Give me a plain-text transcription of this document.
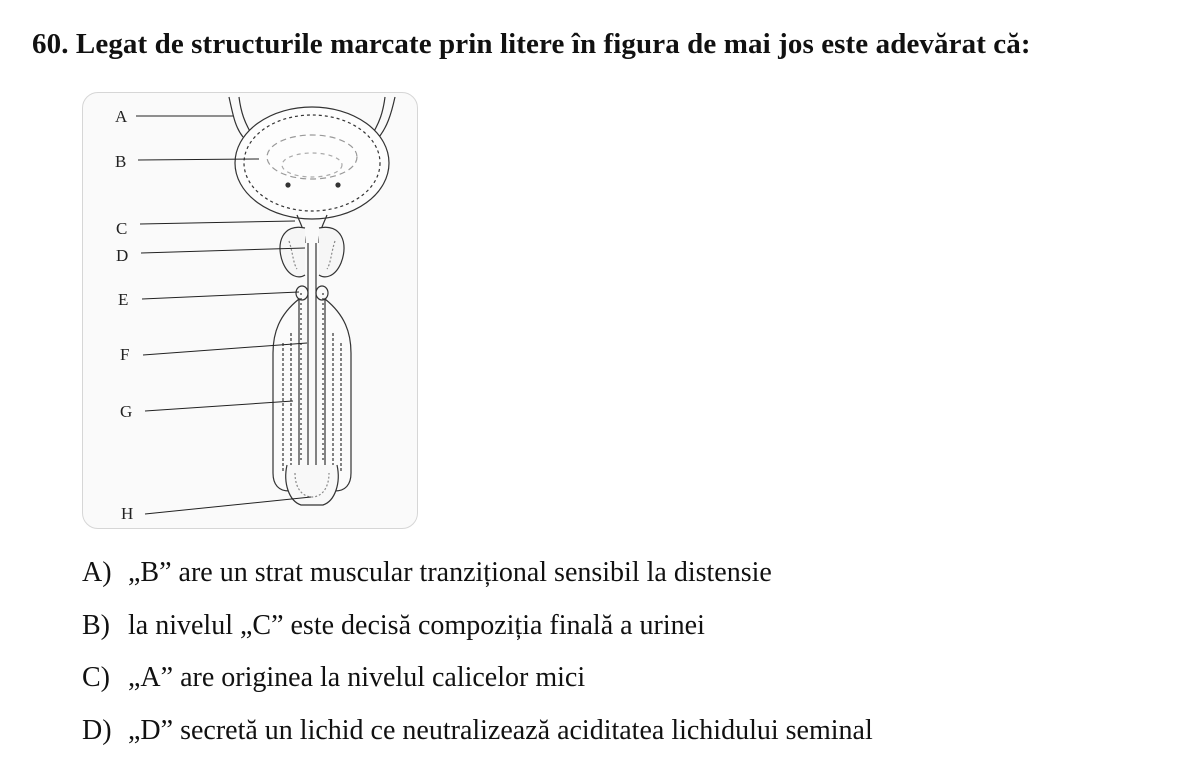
60. Legat de structurile marcate prin litere în figura de mai jos este adevărat că:
A
B
C
D
E
F
G
H
A) „B” are un strat muscular tranzițional sensibil la distensie
B) la nivelul „C” este decisă compoziția finală a urinei
C) „A” are originea la nivelul calicelor mici
D) „D” secretă un lichid ce neutralizează aciditatea lichidului seminal
